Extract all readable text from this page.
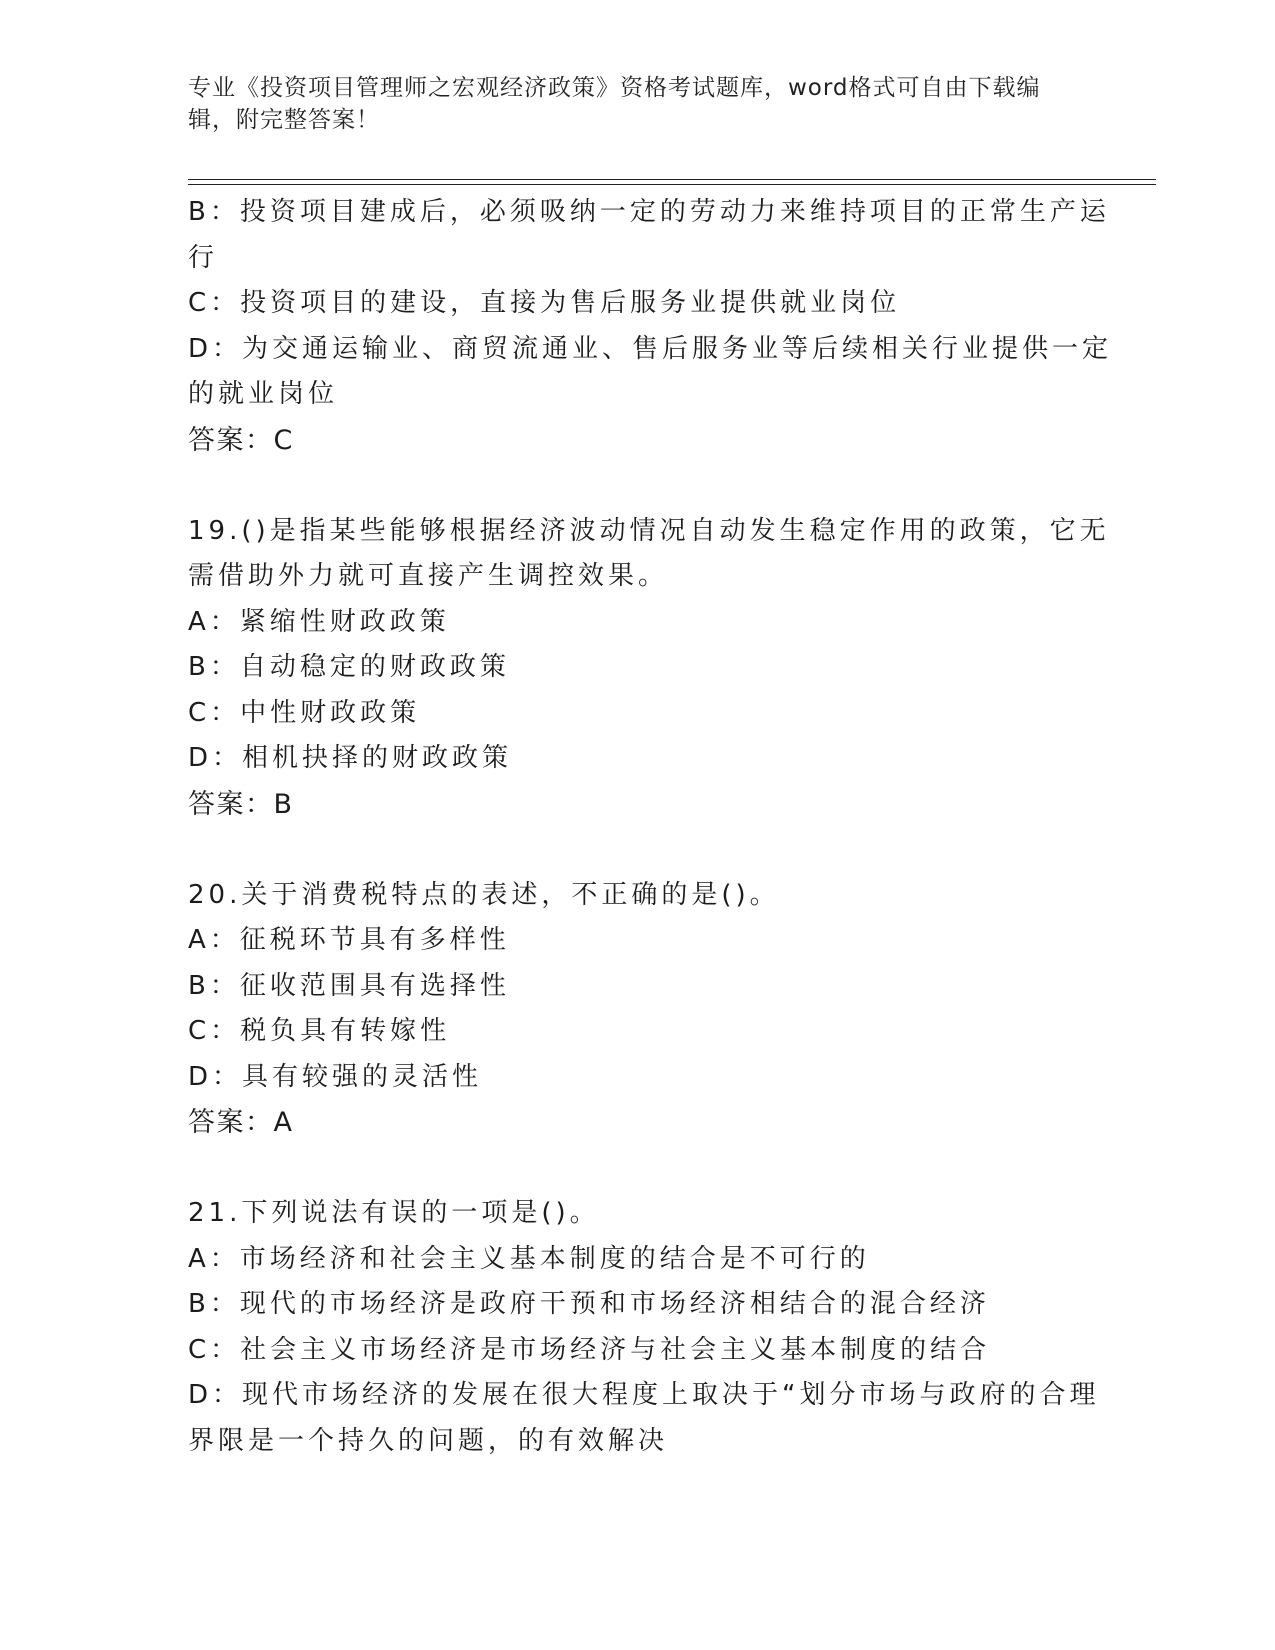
专业《投资项目管理师之宏观经济政策》资格考试题库，word格式可自由下载编
辑，附完整答案！
B：投资项目建成后，必须吸纳一定的劳动力来维持项目的正常生产运
行
C：投资项目的建设，直接为售后服务业提供就业岗位
D：为交通运输业、商贸流通业、售后服务业等后续相关行业提供一定
的就业岗位
答案：C
19.()是指某些能够根据经济波动情况自动发生稳定作用的政策，它无
需借助外力就可直接产生调控效果。
A：紧缩性财政政策
B：自动稳定的财政政策
C：中性财政政策
D：相机抉择的财政政策
答案：B
20.关于消费税特点的表述，不正确的是()。
A：征税环节具有多样性
B：征收范围具有选择性
C：税负具有转嫁性
D：具有较强的灵活性
答案：A
21.下列说法有误的一项是()。
A：市场经济和社会主义基本制度的结合是不可行的
B：现代的市场经济是政府干预和市场经济相结合的混合经济
C：社会主义市场经济是市场经济与社会主义基本制度的结合
D：现代市场经济的发展在很大程度上取决于“划分市场与政府的合理
界限是一个持久的问题，的有效解决
